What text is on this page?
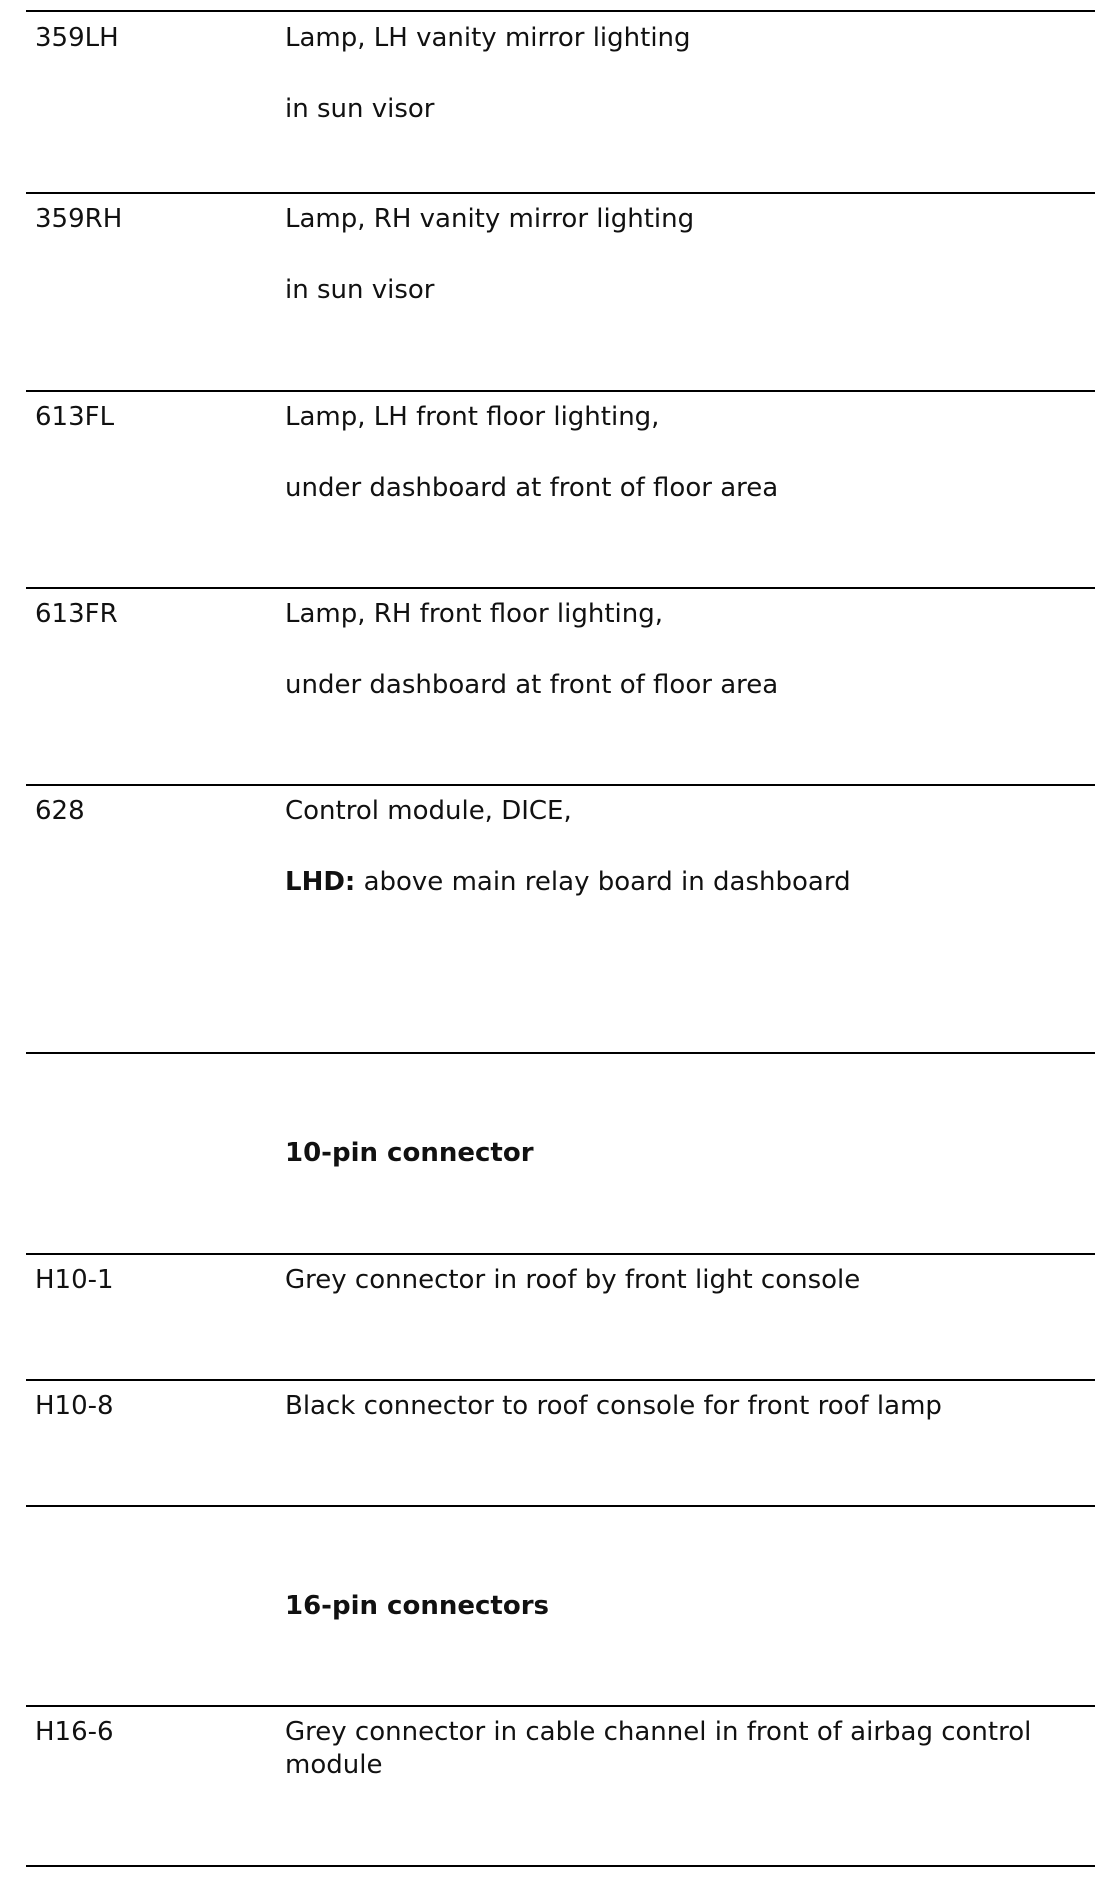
359LH	Lamp, LH vanity mirror lighting
in sun visor
359RH	Lamp, RH vanity mirror lighting
in sun visor
613FL	Lamp, LH front floor lighting,
under dashboard at front of floor area
613FR	Lamp, RH front floor lighting,
under dashboard at front of floor area
628	Control module, DICE,
LHD: above main relay board in dashboard
10-pin connector
H10-1	Grey connector in roof by front light console
H10-8	Black connector to roof console for front roof lamp
16-pin connectors
H16-6	Grey connector in cable channel in front of airbag control module
